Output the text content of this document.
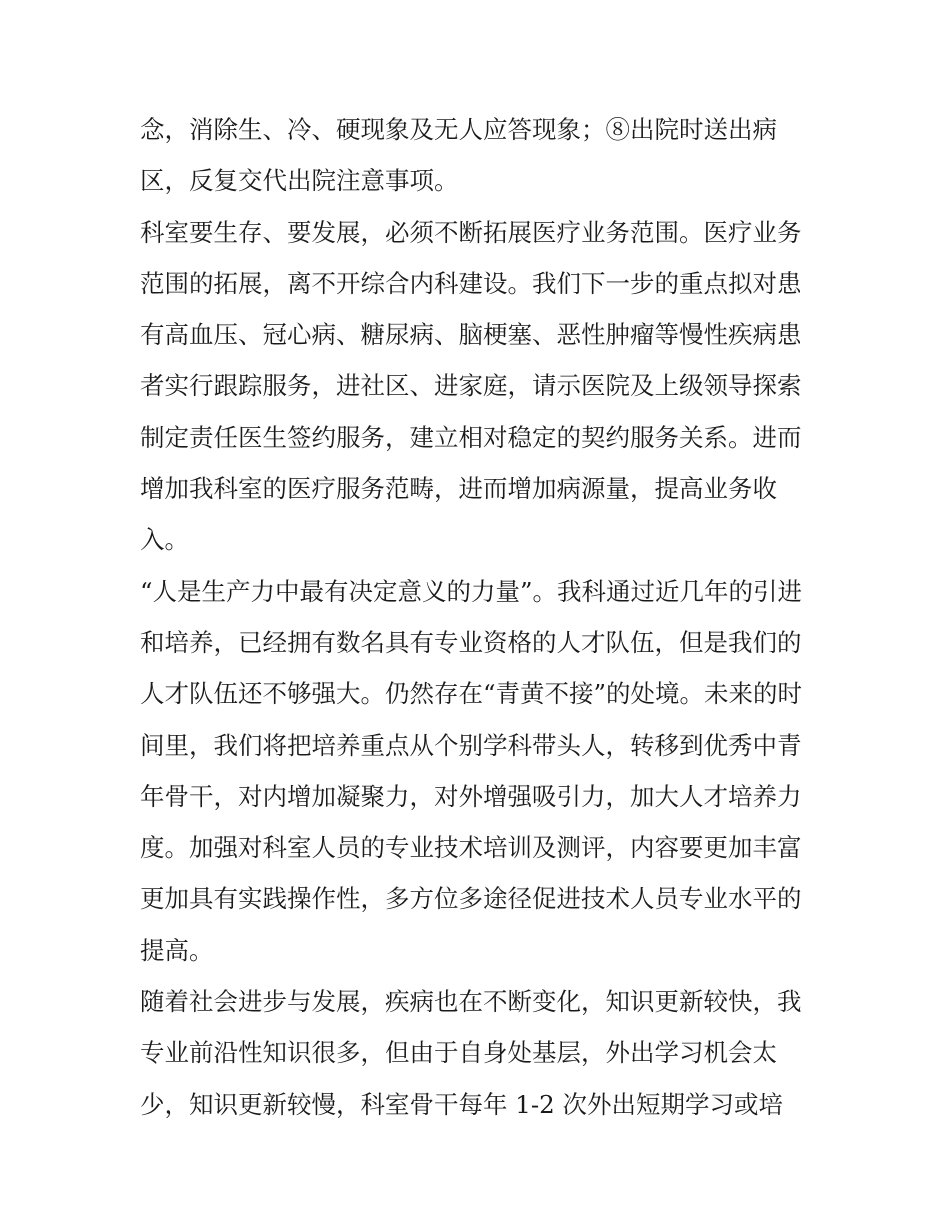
念，消除生、冷、硬现象及无人应答现象；⑧出院时送出病
区，反复交代出院注意事项。
科室要生存、要发展，必须不断拓展医疗业务范围。医疗业务
范围的拓展，离不开综合内科建设。我们下一步的重点拟对患
有高血压、冠心病、糖尿病、脑梗塞、恶性肿瘤等慢性疾病患
者实行跟踪服务，进社区、进家庭，请示医院及上级领导探索
制定责任医生签约服务，建立相对稳定的契约服务关系。进而
增加我科室的医疗服务范畴，进而增加病源量，提高业务收
入。
“人是生产力中最有决定意义的力量”。我科通过近几年的引进
和培养，已经拥有数名具有专业资格的人才队伍，但是我们的
人才队伍还不够强大。仍然存在“青黄不接”的处境。未来的时
间里，我们将把培养重点从个别学科带头人，转移到优秀中青
年骨干，对内增加凝聚力，对外增强吸引力，加大人才培养力
度。加强对科室人员的专业技术培训及测评，内容要更加丰富
更加具有实践操作性，多方位多途径促进技术人员专业水平的
提高。
随着社会进步与发展，疾病也在不断变化，知识更新较快，我
专业前沿性知识很多，但由于自身处基层，外出学习机会太
少，知识更新较慢，科室骨干每年 1-2 次外出短期学习或培
